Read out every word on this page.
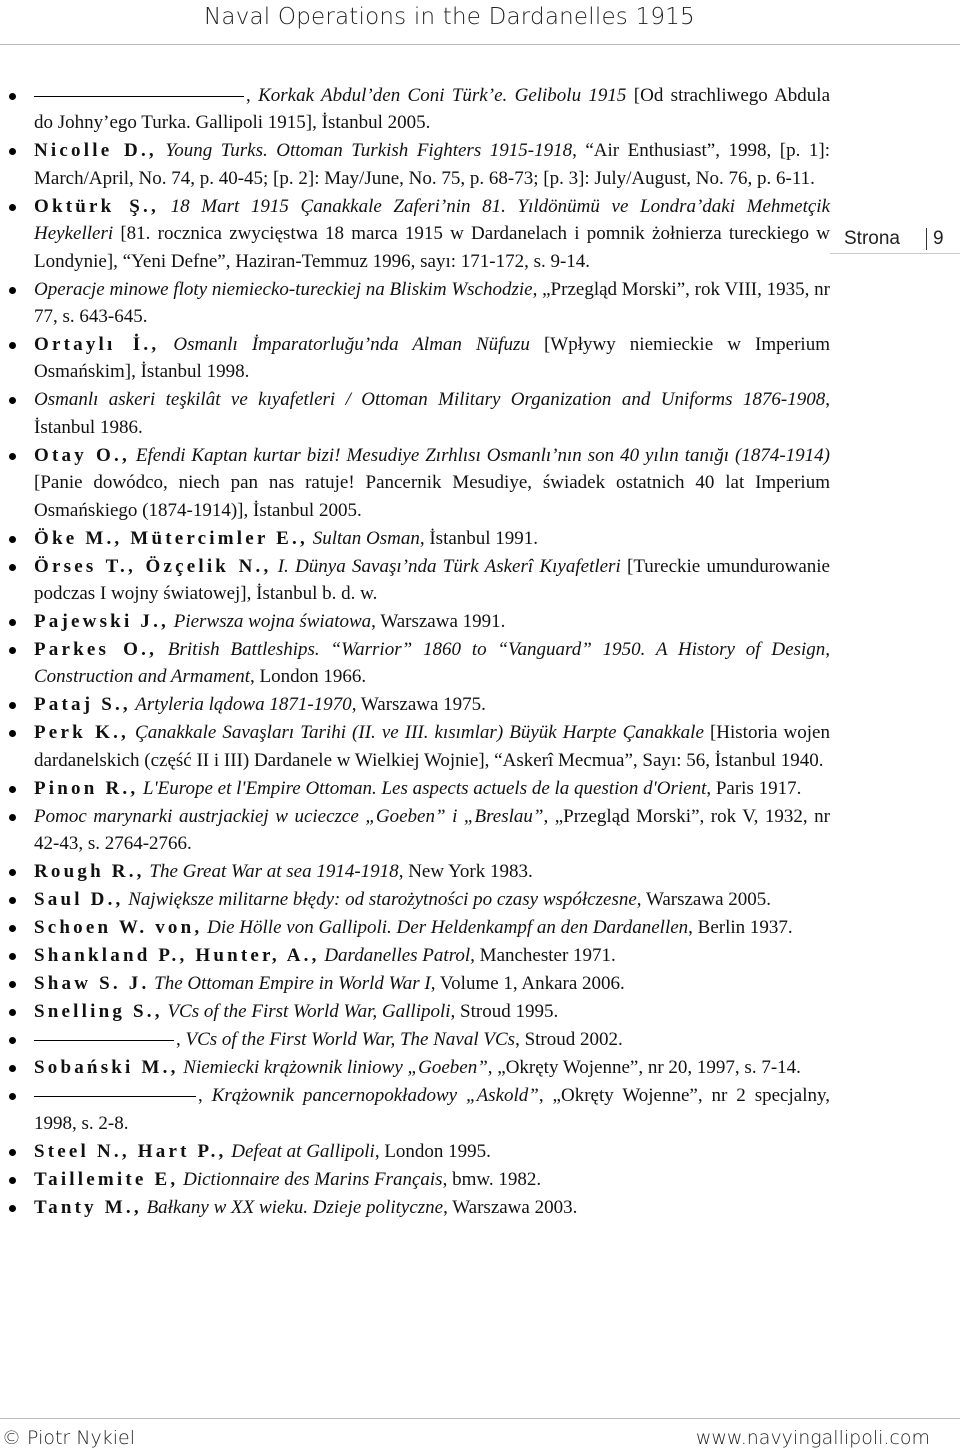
Naval Operations in the Dardanelles 1915
Strona 9
, Korkak Abdul’den Coni Türk’e. Gelibolu 1915 [Od strachliwego Abdula do Johny’ego Turka. Gallipoli 1915], İstanbul 2005.
Nicolle D., Young Turks. Ottoman Turkish Fighters 1915-1918, “Air Enthusiast”, 1998, [p. 1]: March/April, No. 74, p. 40-45; [p. 2]: May/June, No. 75, p. 68-73; [p. 3]: July/August, No. 76, p. 6-11.
Oktürk Ş., 18 Mart 1915 Çanakkale Zaferi’nin 81. Yıldönümü ve Londra’daki Mehmetçik Heykelleri [81. rocznica zwycięstwa 18 marca 1915 w Dardanelach i pomnik żołnierza tureckiego w Londynie], “Yeni Defne”, Haziran-Temmuz 1996, sayı: 171-172, s. 9-14.
Operacje minowe floty niemiecko-tureckiej na Bliskim Wschodzie, „Przegląd Morski”, rok VIII, 1935, nr 77, s. 643-645.
Ortaylı İ., Osmanlı İmparatorluğu’nda Alman Nüfuzu [Wpływy niemieckie w Imperium Osmańskim], İstanbul 1998.
Osmanlı askeri teşkilât ve kıyafetleri / Ottoman Military Organization and Uniforms 1876-1908, İstanbul 1986.
Otay O., Efendi Kaptan kurtar bizi! Mesudiye Zırhlısı Osmanlı’nın son 40 yılın tanığı (1874-1914) [Panie dowódco, niech pan nas ratuje! Pancernik Mesudiye, świadek ostatnich 40 lat Imperium Osmańskiego (1874-1914)], İstanbul 2005.
Öke M., Mütercimler E., Sultan Osman, İstanbul 1991.
Örses T., Özçelik N., I. Dünya Savaşı’nda Türk Askerî Kıyafetleri [Tureckie umundurowanie podczas I wojny światowej], İstanbul b. d. w.
Pajewski J., Pierwsza wojna światowa, Warszawa 1991.
Parkes O., British Battleships. “Warrior” 1860 to “Vanguard” 1950. A History of Design, Construction and Armament, London 1966.
Pataj S., Artyleria lądowa 1871-1970, Warszawa 1975.
Perk K., Çanakkale Savaşları Tarihi (II. ve III. kısımlar) Büyük Harpte Çanakkale [Historia wojen dardanelskich (część II i III) Dardanele w Wielkiej Wojnie], “Askerî Mecmua”, Sayı: 56, İstanbul 1940.
Pinon R., L'Europe et l'Empire Ottoman. Les aspects actuels de la question d'Orient, Paris 1917.
Pomoc marynarki austrjackiej w ucieczce „Goeben” i „Breslau”, „Przegląd Morski”, rok V, 1932, nr 42-43, s. 2764-2766.
Rough R., The Great War at sea 1914-1918, New York 1983.
Saul D., Największe militarne błędy: od starożytności po czasy współczesne, Warszawa 2005.
Schoen W. von, Die Hölle von Gallipoli. Der Heldenkampf an den Dardanellen, Berlin 1937.
Shankland P., Hunter, A., Dardanelles Patrol, Manchester 1971.
Shaw S. J. The Ottoman Empire in World War I, Volume 1, Ankara 2006.
Snelling S., VCs of the First World War, Gallipoli, Stroud 1995.
, VCs of the First World War, The Naval VCs, Stroud 2002.
Sobański M., Niemiecki krążownik liniowy „Goeben”, „Okręty Wojenne”, nr 20, 1997, s. 7-14.
, Krążownik pancernopokładowy „Askold”, „Okręty Wojenne”, nr 2 specjalny, 1998, s. 2-8.
Steel N., Hart P., Defeat at Gallipoli, London 1995.
Taillemite E, Dictionnaire des Marins Français, bmw. 1982.
Tanty M., Bałkany w XX wieku. Dzieje polityczne, Warszawa 2003.
© Piotr Nykiel	www.navyingallipoli.com
